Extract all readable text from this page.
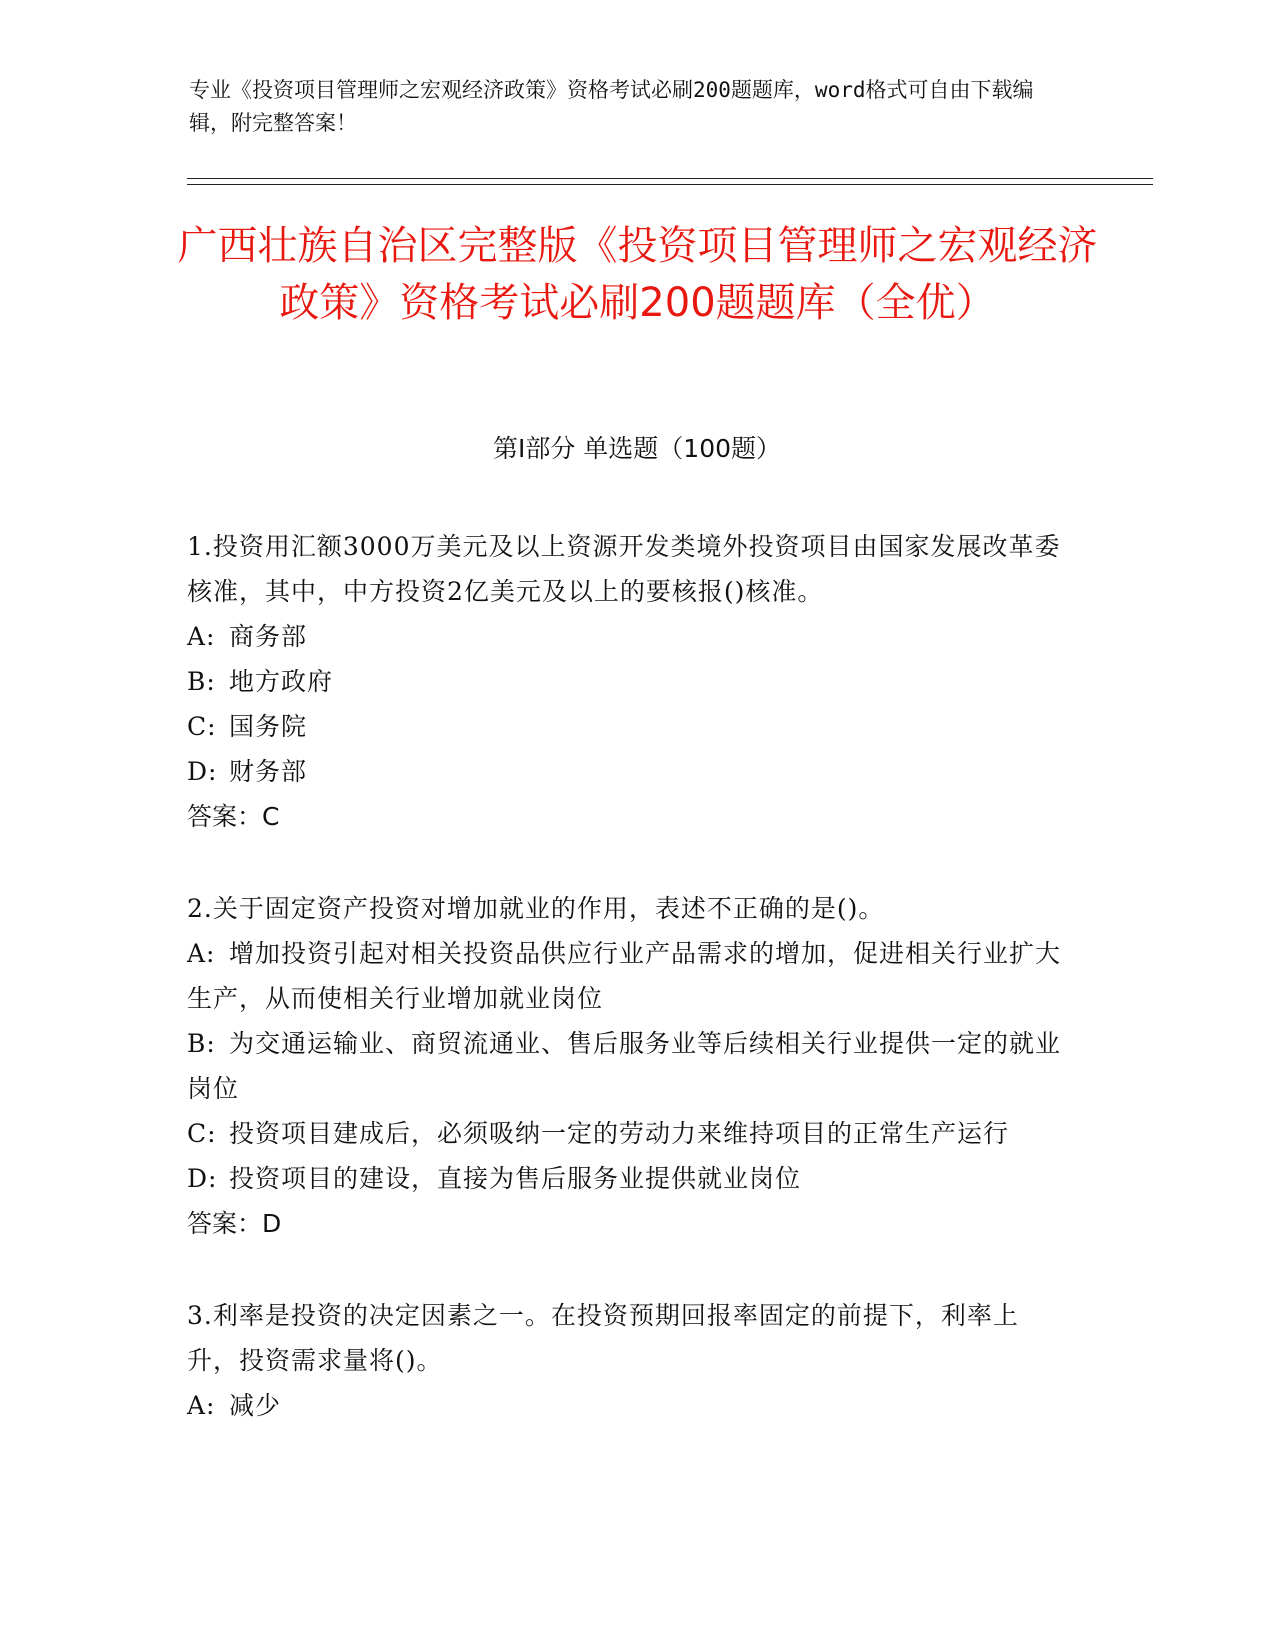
专业《投资项目管理师之宏观经济政策》资格考试必刷200题题库，word格式可自由下载编辑，附完整答案！
广西壮族自治区完整版《投资项目管理师之宏观经济政策》资格考试必刷200题题库（全优）
第Ⅰ部分 单选题（100题）
1.投资用汇额3000万美元及以上资源开发类境外投资项目由国家发展改革委核准，其中，中方投资2亿美元及以上的要核报()核准。
A: 商务部
B: 地方政府
C: 国务院
D: 财务部
答案：C
2.关于固定资产投资对增加就业的作用，表述不正确的是()。
A: 增加投资引起对相关投资品供应行业产品需求的增加，促进相关行业扩大生产，从而使相关行业增加就业岗位
B: 为交通运输业、商贸流通业、售后服务业等后续相关行业提供一定的就业岗位
C: 投资项目建成后，必须吸纳一定的劳动力来维持项目的正常生产运行
D: 投资项目的建设，直接为售后服务业提供就业岗位
答案：D
3.利率是投资的决定因素之一。在投资预期回报率固定的前提下，利率上升，投资需求量将()。
A: 减少
